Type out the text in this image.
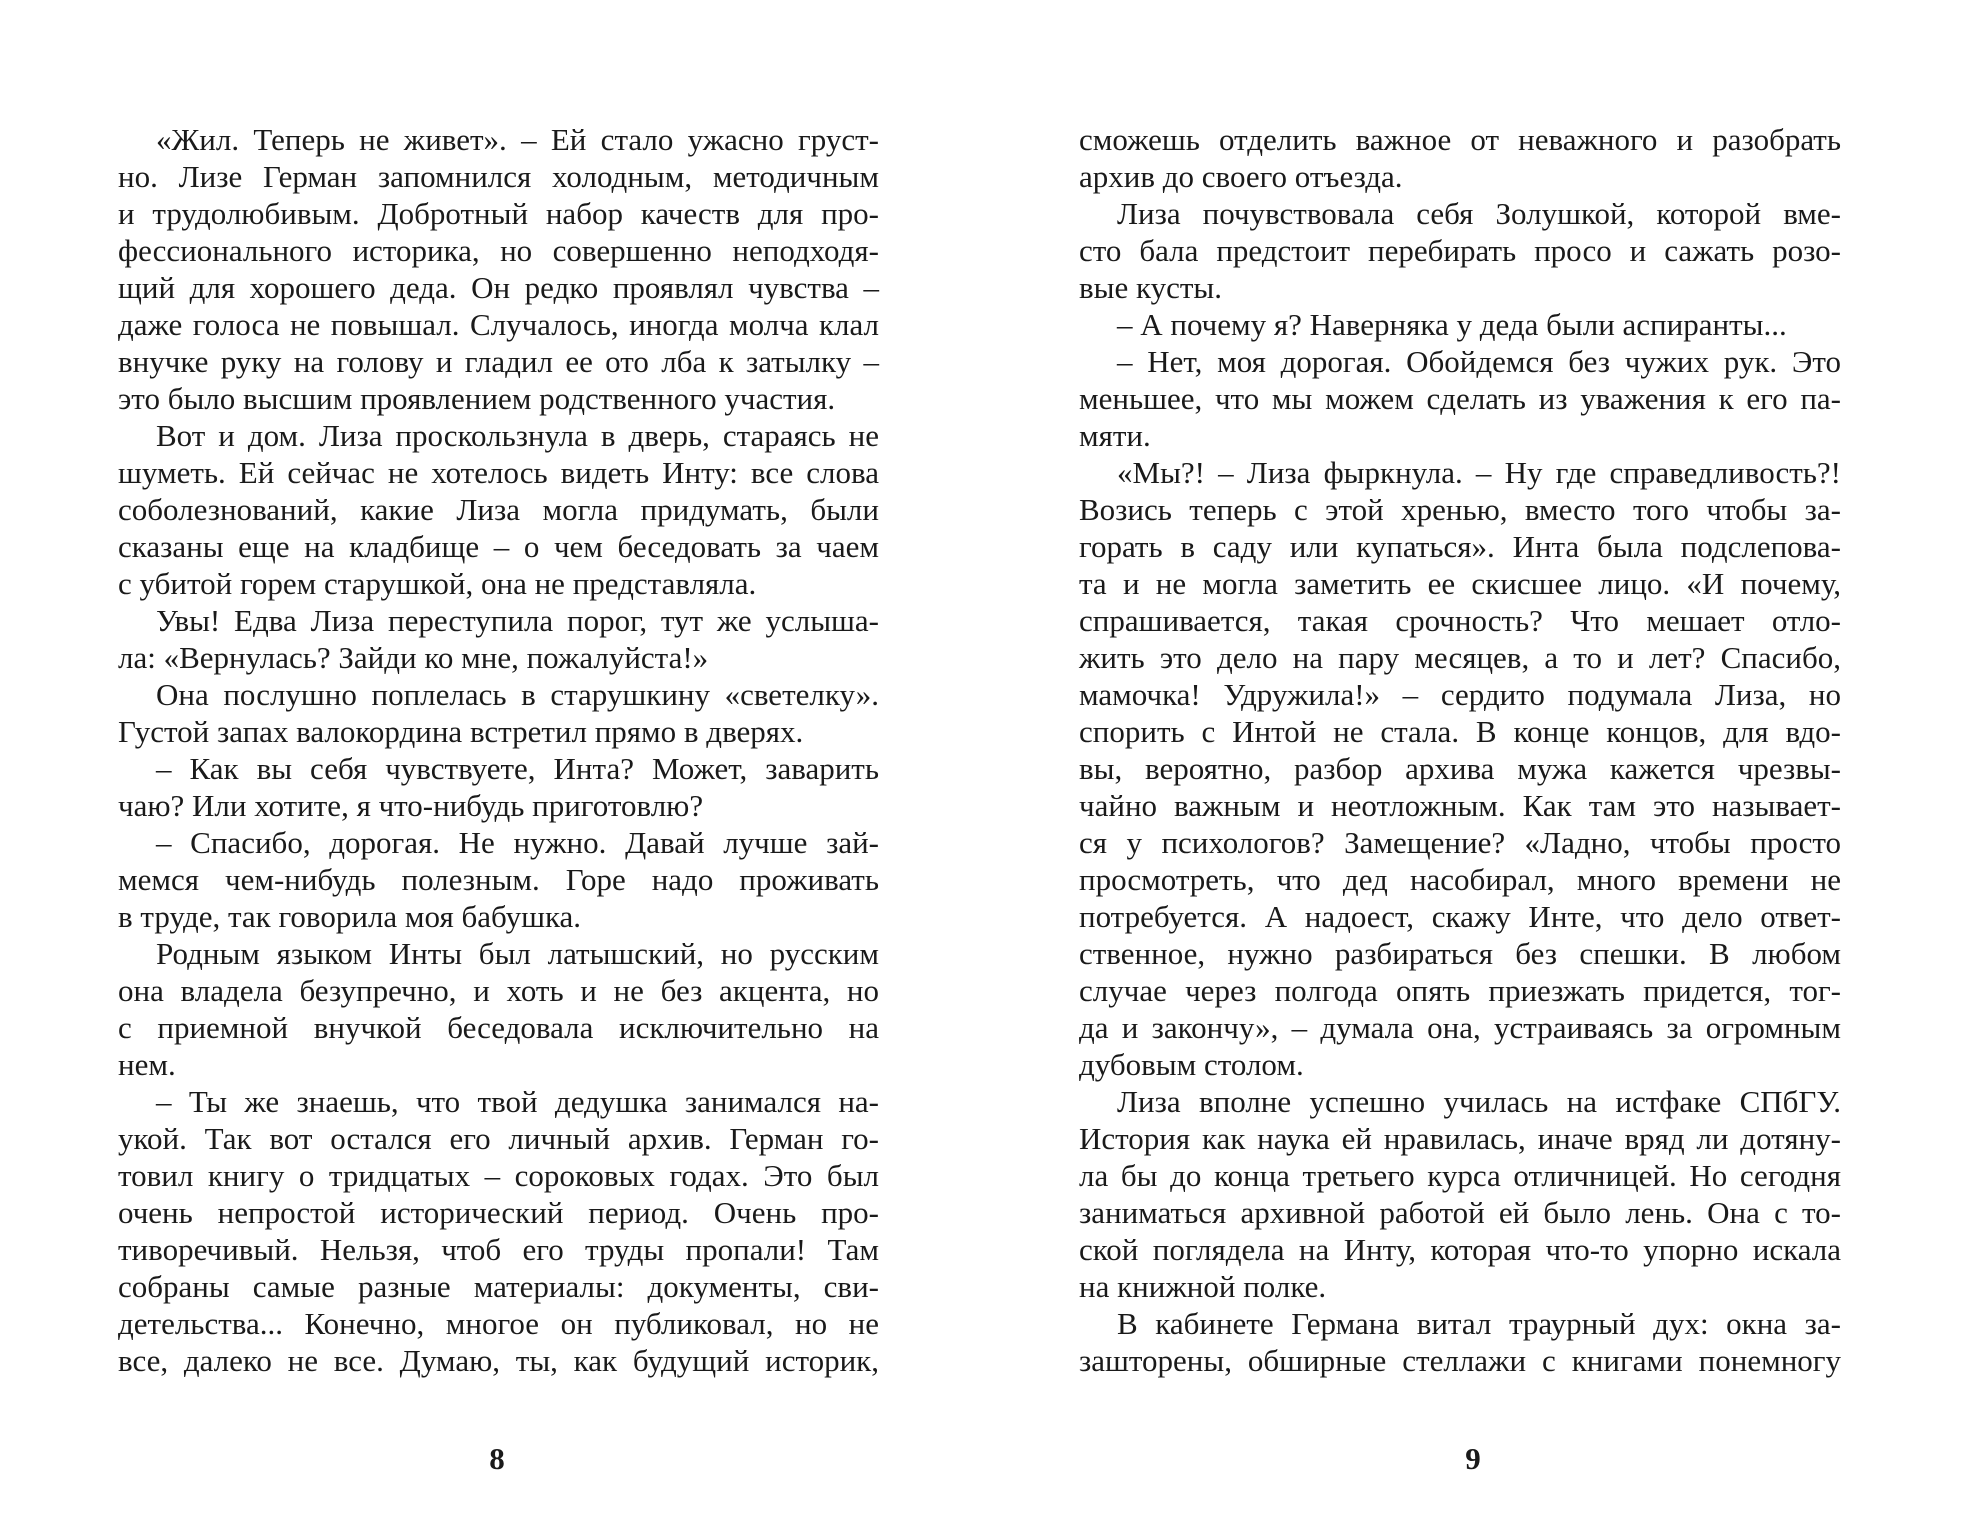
«Жил. Теперь не живет». – Ей стало ужасно груст-
но. Лизе Герман запомнился холодным, методичным
и трудолюбивым. Добротный набор качеств для про-
фессионального историка, но совершенно неподходя-
щий для хорошего деда. Он редко проявлял чувства –
даже голоса не повышал. Случалось, иногда молча клал
внучке руку на голову и гладил ее ото лба к затылку –
это было высшим проявлением родственного участия.
Вот и дом. Лиза проскользнула в дверь, стараясь не
шуметь. Ей сейчас не хотелось видеть Инту: все слова
соболезнований, какие Лиза могла придумать, были
сказаны еще на кладбище – о чем беседовать за чаем
с убитой горем старушкой, она не представляла.
Увы! Едва Лиза переступила порог, тут же услыша-
ла: «Вернулась? Зайди ко мне, пожалуйста!»
Она послушно поплелась в старушкину «светелку».
Густой запах валокордина встретил прямо в дверях.
– Как вы себя чувствуете, Инта? Может, заварить
чаю? Или хотите, я что-нибудь приготовлю?
– Спасибо, дорогая. Не нужно. Давай лучше зай-
мемся чем-нибудь полезным. Горе надо проживать
в труде, так говорила моя бабушка.
Родным языком Инты был латышский, но русским
она владела безупречно, и хоть и не без акцента, но
с приемной внучкой беседовала исключительно на
нем.
– Ты же знаешь, что твой дедушка занимался на-
укой. Так вот остался его личный архив. Герман го-
товил книгу о тридцатых – сороковых годах. Это был
очень непростой исторический период. Очень про-
тиворечивый. Нельзя, чтоб его труды пропали! Там
собраны самые разные материалы: документы, сви-
детельства... Конечно, многое он публиковал, но не
все, далеко не все. Думаю, ты, как будущий историк,
8
сможешь отделить важное от неважного и разобрать
архив до своего отъезда.
Лиза почувствовала себя Золушкой, которой вме-
сто бала предстоит перебирать просо и сажать розо-
вые кусты.
– А почему я? Наверняка у деда были аспиранты...
– Нет, моя дорогая. Обойдемся без чужих рук. Это
меньшее, что мы можем сделать из уважения к его па-
мяти.
«Мы?! – Лиза фыркнула. – Ну где справедливость?!
Возись теперь с этой хренью, вместо того чтобы за-
горать в саду или купаться». Инта была подслепова-
та и не могла заметить ее скисшее лицо. «И почему,
спрашивается, такая срочность? Что мешает отло-
жить это дело на пару месяцев, а то и лет? Спасибо,
мамочка! Удружила!» – сердито подумала Лиза, но
спорить с Интой не стала. В конце концов, для вдо-
вы, вероятно, разбор архива мужа кажется чрезвы-
чайно важным и неотложным. Как там это называет-
ся у психологов? Замещение? «Ладно, чтобы просто
просмотреть, что дед насобирал, много времени не
потребуется. А надоест, скажу Инте, что дело ответ-
ственное, нужно разбираться без спешки. В любом
случае через полгода опять приезжать придется, тог-
да и закончу», – думала она, устраиваясь за огромным
дубовым столом.
Лиза вполне успешно училась на истфаке СПбГУ.
История как наука ей нравилась, иначе вряд ли дотяну-
ла бы до конца третьего курса отличницей. Но сегодня
заниматься архивной работой ей было лень. Она с то-
ской поглядела на Инту, которая что-то упорно искала
на книжной полке.
В кабинете Германа витал траурный дух: окна за-
зашторены, обширные стеллажи с книгами понемногу
9
